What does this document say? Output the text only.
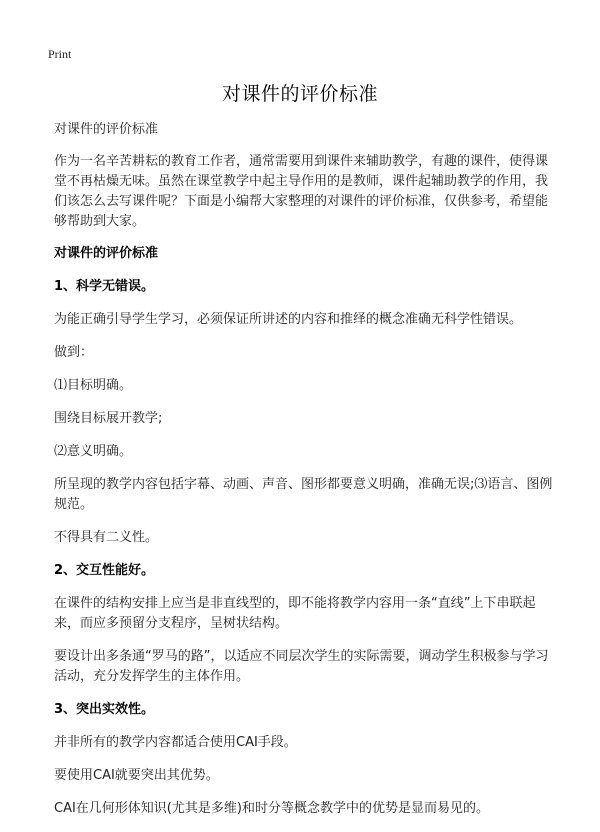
Print
对课件的评价标准

对课件的评价标准

作为一名辛苦耕耘的教育工作者，通常需要用到课件来辅助教学，有趣的课件，使得课堂不再枯燥无味。虽然在课堂教学中起主导作用的是教师，课件起辅助教学的作用，我们该怎么去写课件呢？下面是小编帮大家整理的对课件的评价标准，仅供参考，希望能够帮助到大家。

对课件的评价标准

1、科学无错误。

为能正确引导学生学习，必须保证所讲述的内容和推绎的概念准确无科学性错误。

做到：

⑴目标明确。

围绕目标展开教学;

⑵意义明确。

所呈现的教学内容包括字幕、动画、声音、图形都要意义明确，准确无误;⑶语言、图例规范。

不得具有二义性。

2、交互性能好。

在课件的结构安排上应当是非直线型的，即不能将教学内容用一条“直线”上下串联起来，而应多预留分支程序，呈树状结构。

要设计出多条通“罗马的路”，以适应不同层次学生的实际需要，调动学生积极参与学习活动，充分发挥学生的主体作用。

3、突出实效性。

并非所有的教学内容都适合使用CAI手段。

要使用CAI就要突出其优势。

CAI在几何形体知识(尤其是多维)和时分等概念教学中的优势是显而易见的。
